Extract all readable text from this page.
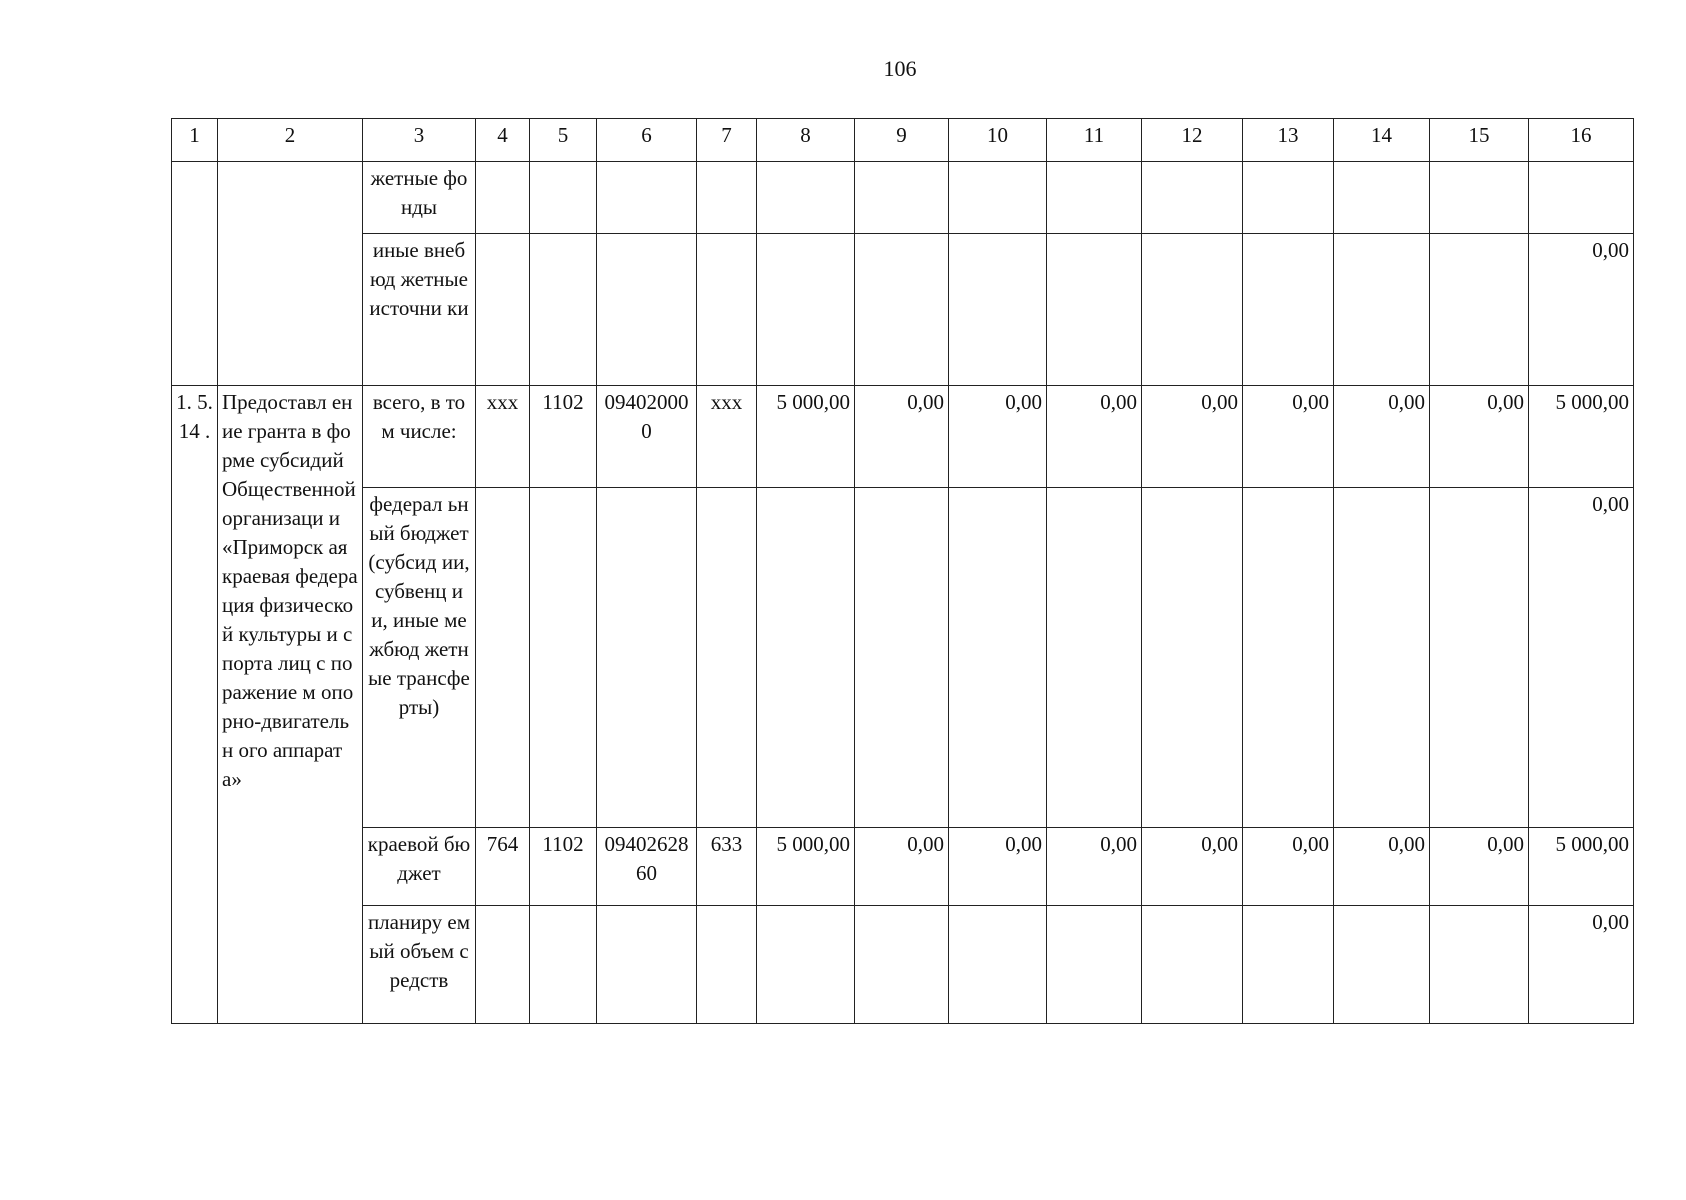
106
1	2	3	4	5	6	7	8	9	10	11	12	13	14	15	16
		жетные фонды													
		иные внебюд жетные источни ки													0,00
1. 5. 14 .	Предоставл ение гранта в форме субсидий Общественной организаци и «Приморск ая краевая федерация физическо й культуры и спорта лиц с поражение м опорно-двигательн ого аппарата»	всего, в том числе:	ххх	1102	094020000	ххх	5 000,00	0,00	0,00	0,00	0,00	0,00	0,00	0,00	5 000,00
		федерал ьный бюджет (субсид ии, субвенц ии, иные межбюд жетные трансфе рты)													0,00
		краевой бюджет	764	1102	0940262860	633	5 000,00	0,00	0,00	0,00	0,00	0,00	0,00	0,00	5 000,00
		планиру емый объем средств													0,00
